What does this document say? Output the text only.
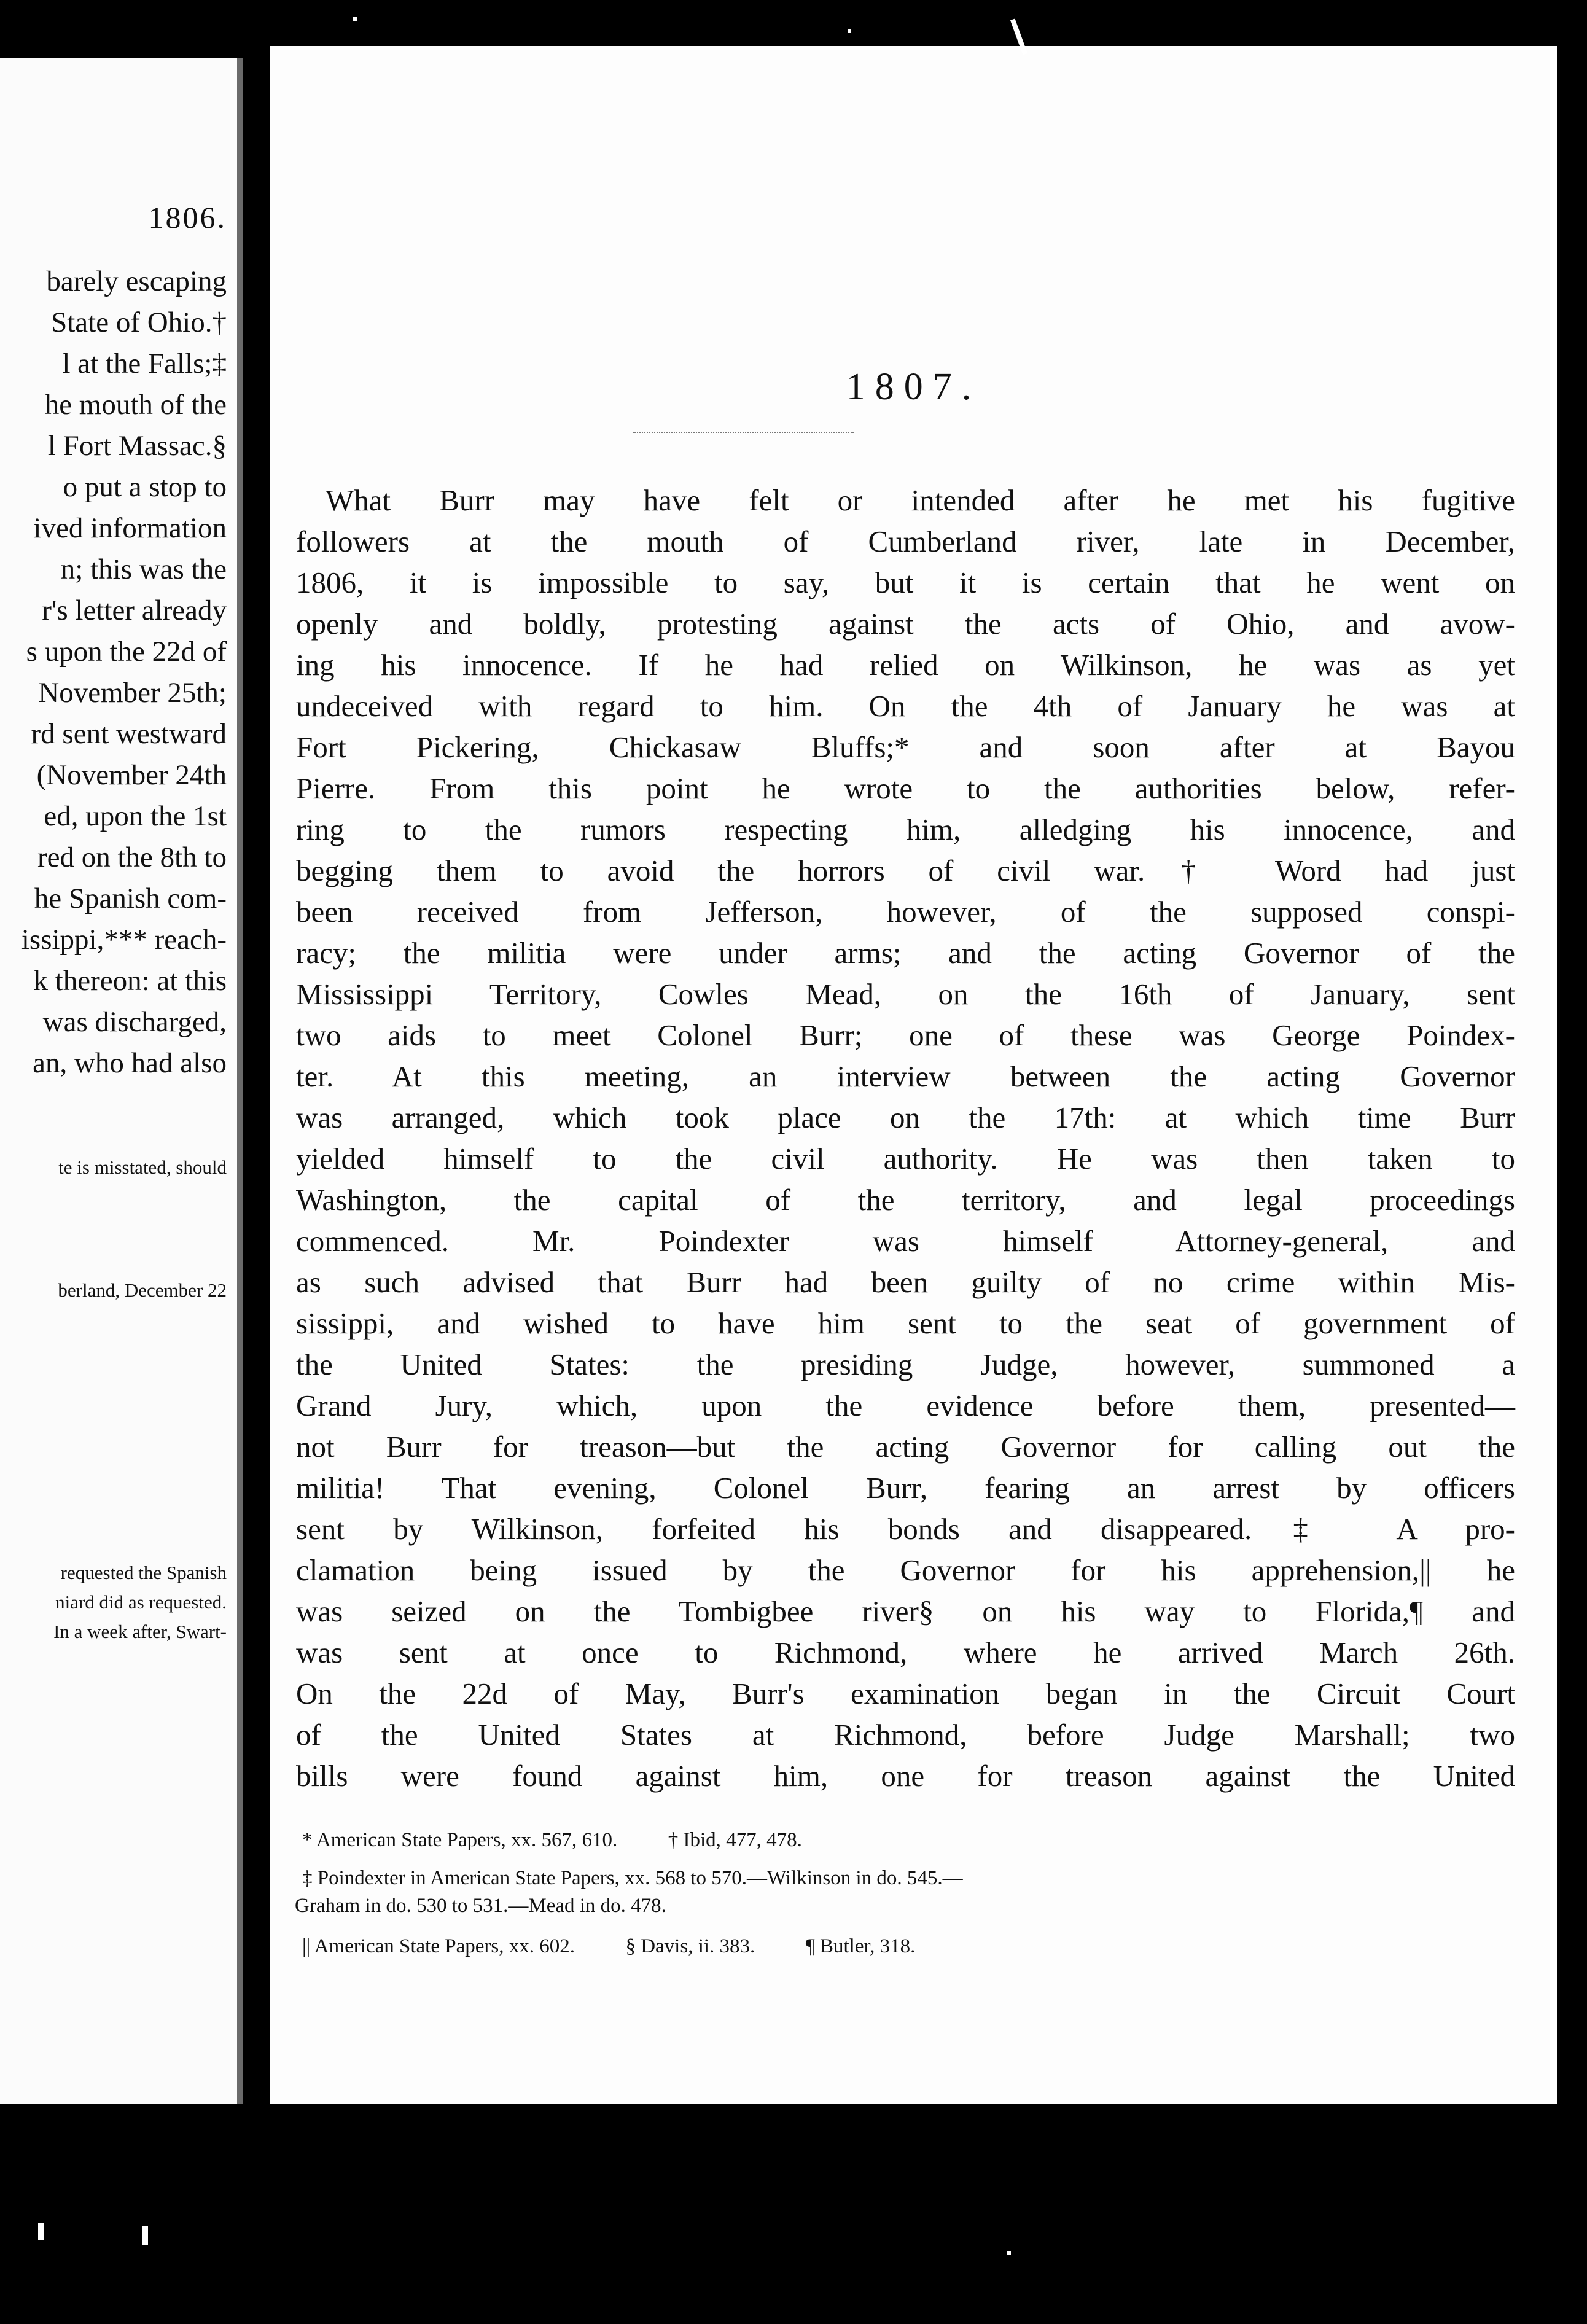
1806.
barely escaping
State of Ohio.†
l at the Falls;‡
he mouth of the
l Fort Massac.§
o put a stop to
ived information
n; this was the
r's letter already
s upon the 22d of
November 25th;
rd sent westward
(November 24th
ed, upon the 1st
red on the 8th to
he Spanish com-
issippi,*** reach-
k thereon: at this
was discharged,
an, who had also
te is misstated, should
berland, December 22
requested the Spanish
niard did as requested.
In a week after, Swart-
1807.
What Burr may have felt or intended after he met his fugitive
followers at the mouth of Cumberland river, late in December,
1806, it is impossible to say, but it is certain that he went on
openly and boldly, protesting against the acts of Ohio, and avow-
ing his innocence. If he had relied on Wilkinson, he was as yet
undeceived with regard to him. On the 4th of January he was at
Fort Pickering, Chickasaw Bluffs;* and soon after at Bayou
Pierre. From this point he wrote to the authorities below, refer-
ring to the rumors respecting him, alledging his innocence, and
begging them to avoid the horrors of civil war.† Word had just
been received from Jefferson, however, of the supposed conspi-
racy; the militia were under arms; and the acting Governor of the
Mississippi Territory, Cowles Mead, on the 16th of January, sent
two aids to meet Colonel Burr; one of these was George Poindex-
ter. At this meeting, an interview between the acting Governor
was arranged, which took place on the 17th: at which time Burr
yielded himself to the civil authority. He was then taken to
Washington, the capital of the territory, and legal proceedings
commenced. Mr. Poindexter was himself Attorney-general, and
as such advised that Burr had been guilty of no crime within Mis-
sissippi, and wished to have him sent to the seat of government of
the United States: the presiding Judge, however, summoned a
Grand Jury, which, upon the evidence before them, presented—
not Burr for treason—but the acting Governor for calling out the
militia! That evening, Colonel Burr, fearing an arrest by officers
sent by Wilkinson, forfeited his bonds and disappeared.‡ A pro-
clamation being issued by the Governor for his apprehension,|| he
was seized on the Tombigbee river§ on his way to Florida,¶ and
was sent at once to Richmond, where he arrived March 26th.
On the 22d of May, Burr's examination began in the Circuit Court
of the United States at Richmond, before Judge Marshall; two
bills were found against him, one for treason against the United
* American State Papers, xx. 567, 610.          † Ibid, 477, 478.
‡ Poindexter in American State Papers, xx. 568 to 570.—Wilkinson in do. 545.—
Graham in do. 530 to 531.—Mead in do. 478.
|| American State Papers, xx. 602.          § Davis, ii. 383.          ¶ Butler, 318.
